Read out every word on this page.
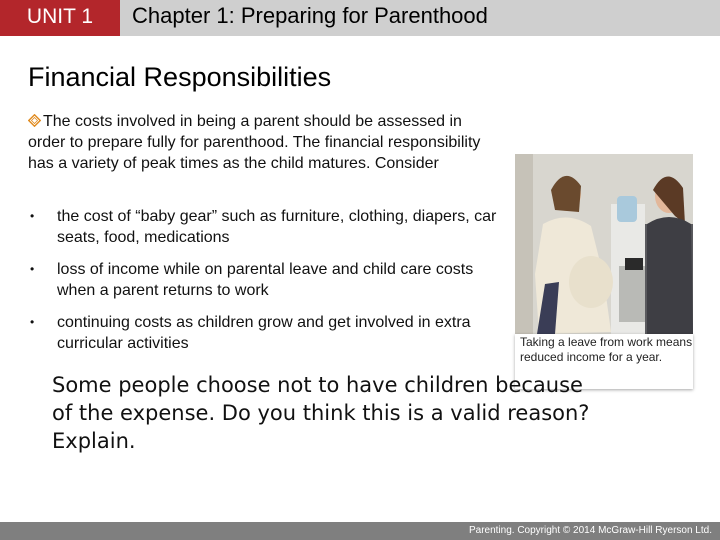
UNIT 1	Chapter 1: Preparing for Parenthood
Financial Responsibilities
The costs involved in being a parent should be assessed in order to prepare fully for parenthood. The financial responsibility has a variety of peak times as the child matures. Consider
• the cost of “baby gear” such as furniture, clothing, diapers, car seats, food, medications
• loss of income while on parental leave and child care costs when a parent returns to work
• continuing costs as children grow and get involved in extra curricular activities	Taking a leave from work means reduced income for a year.
Some people choose not to have children because of the expense. Do you think this is a valid reason? Explain.
Parenting. Copyright © 2014 McGraw-Hill Ryerson Ltd.
